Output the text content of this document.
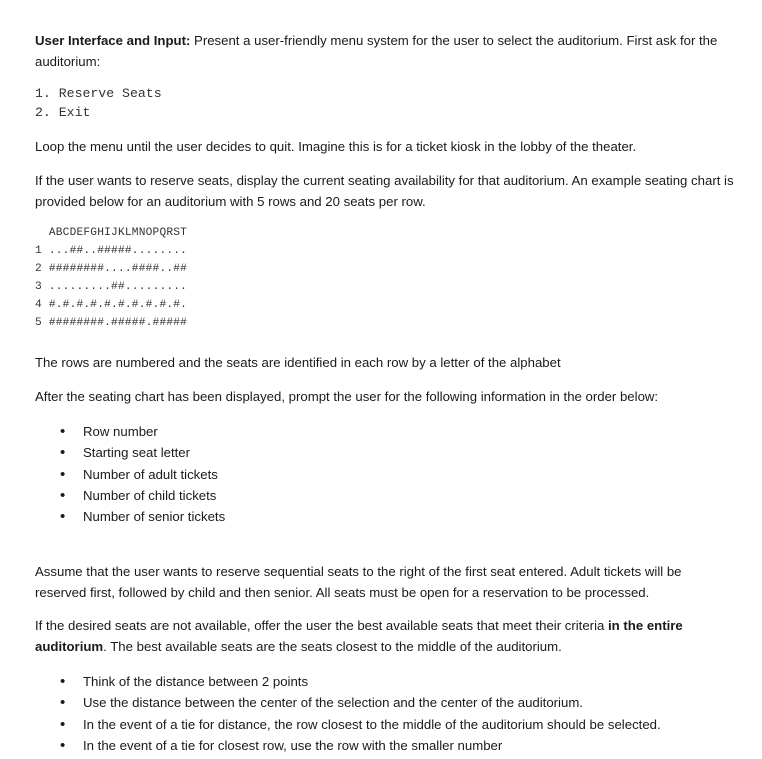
User Interface and Input: Present a user-friendly menu system for the user to select the auditorium. First ask for the auditorium:

1. Reserve Seats
2. Exit

Loop the menu until the user decides to quit. Imagine this is for a ticket kiosk in the lobby of the theater.

If the user wants to reserve seats, display the current seating availability for that auditorium. An example seating chart is provided below for an auditorium with 5 rows and 20 seats per row.

ABCDEFGHIJKLMNOPQRST
1 ...##..#####........
2 ########....####..##
3 .........##.........
4 #.#.#.#.#.#.#.#.#.#.
5 ########.#####.#####

The rows are numbered and the seats are identified in each row by a letter of the alphabet

After the seating chart has been displayed, prompt the user for the following information in the order below:

• Row number
• Starting seat letter
• Number of adult tickets
• Number of child tickets
• Number of senior tickets

Assume that the user wants to reserve sequential seats to the right of the first seat entered. Adult tickets will be reserved first, followed by child and then senior. All seats must be open for a reservation to be processed.

If the desired seats are not available, offer the user the best available seats that meet their criteria in the entire auditorium. The best available seats are the seats closest to the middle of the auditorium.

• Think of the distance between 2 points
• Use the distance between the center of the selection and the center of the auditorium.
• In the event of a tie for distance, the row closest to the middle of the auditorium should be selected.
• In the event of a tie for closest row, use the row with the smaller number
